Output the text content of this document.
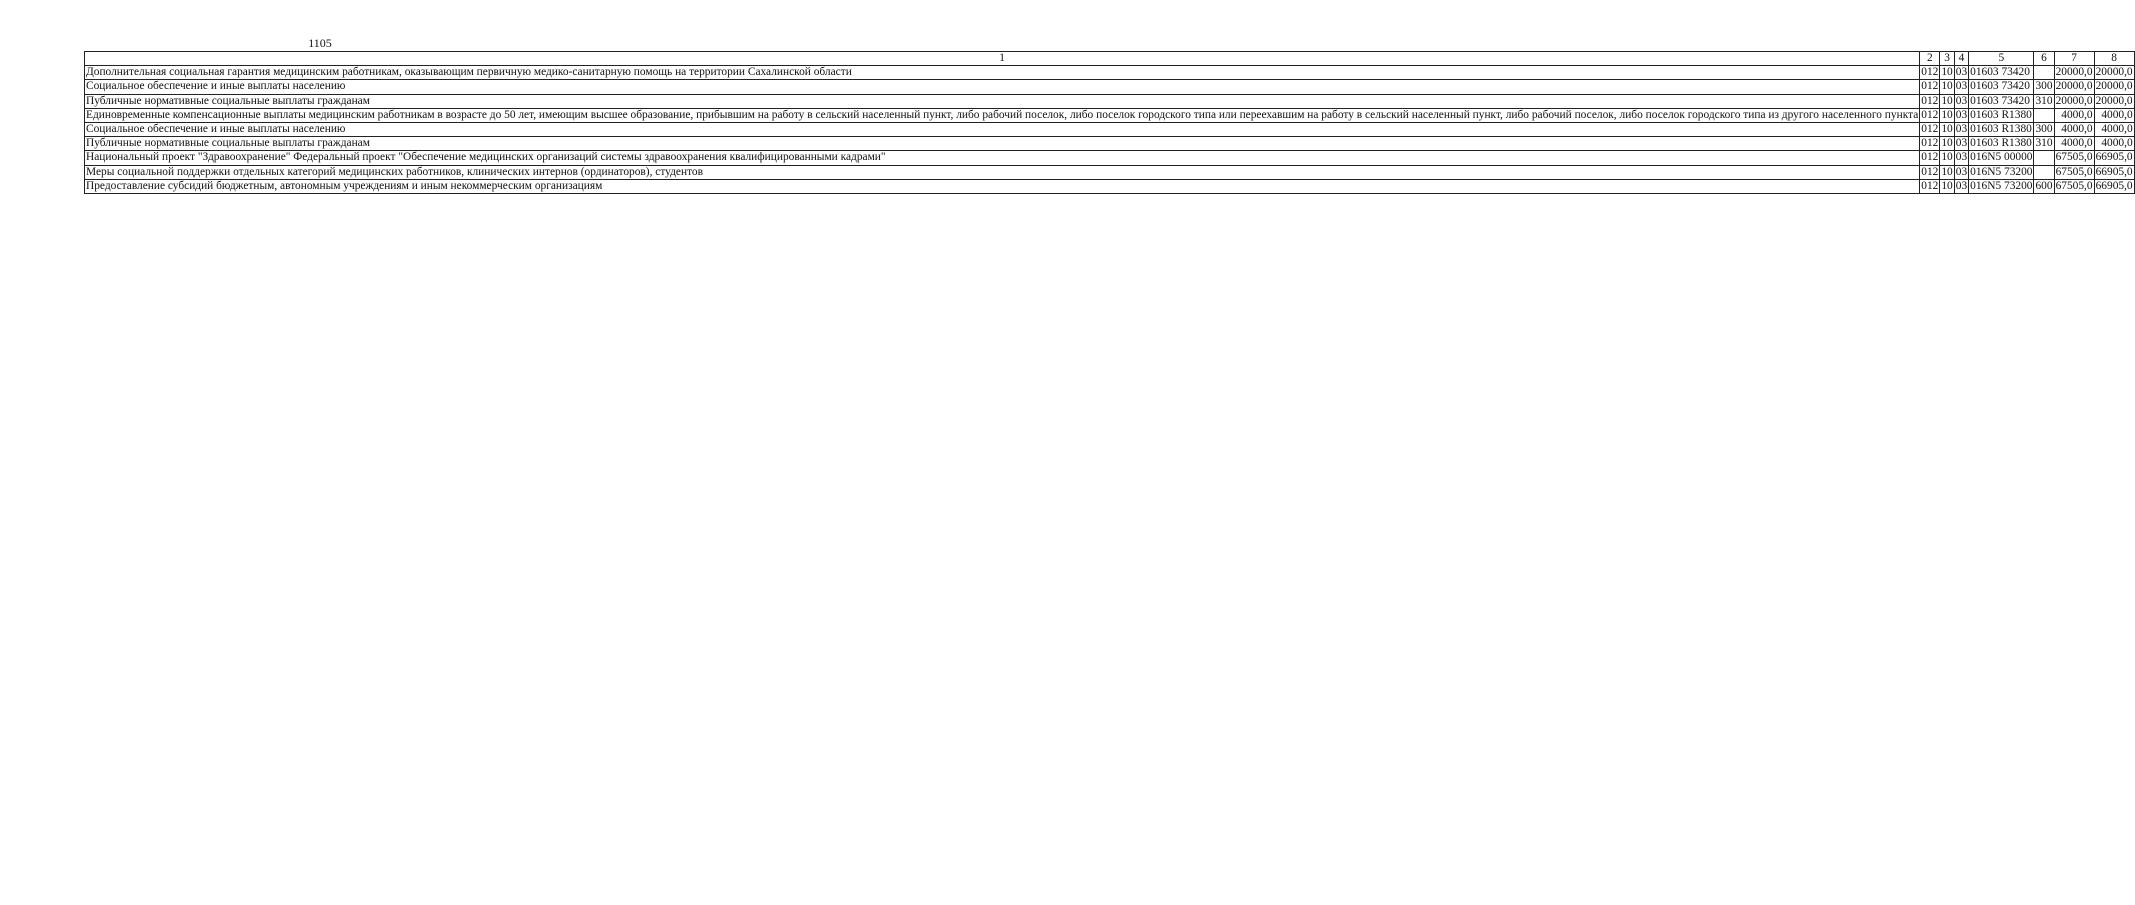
1105
1	2	3	4	5	6	7	8
Дополнительная социальная гарантия медицинским работникам, оказывающим первичную медико-санитарную помощь на территории Сахалинской области	012	10	03	01603 73420		20000,0	20000,0
Социальное обеспечение и иные выплаты населению	012	10	03	01603 73420	300	20000,0	20000,0
Публичные нормативные социальные выплаты гражданам	012	10	03	01603 73420	310	20000,0	20000,0
Единовременные компенсационные выплаты медицинским работникам в возрасте до 50 лет, имеющим высшее образование, прибывшим на работу в сельский населенный пункт, либо рабочий поселок, либо поселок городского типа или переехавшим на работу в сельский населенный пункт, либо рабочий поселок, либо поселок городского типа из другого населенного пункта	012	10	03	01603 R1380		4000,0	4000,0
Социальное обеспечение и иные выплаты населению	012	10	03	01603 R1380	300	4000,0	4000,0
Публичные нормативные социальные выплаты гражданам	012	10	03	01603 R1380	310	4000,0	4000,0
Национальный проект "Здравоохранение" Федеральный проект "Обеспечение медицинских организаций системы здравоохранения квалифицированными кадрами"	012	10	03	016N5 00000		67505,0	66905,0
Меры социальной поддержки отдельных категорий медицинских работников, клинических интернов (ординаторов), студентов	012	10	03	016N5 73200		67505,0	66905,0
Предоставление субсидий бюджетным, автономным учреждениям и иным некоммерческим организациям	012	10	03	016N5 73200	600	67505,0	66905,0
